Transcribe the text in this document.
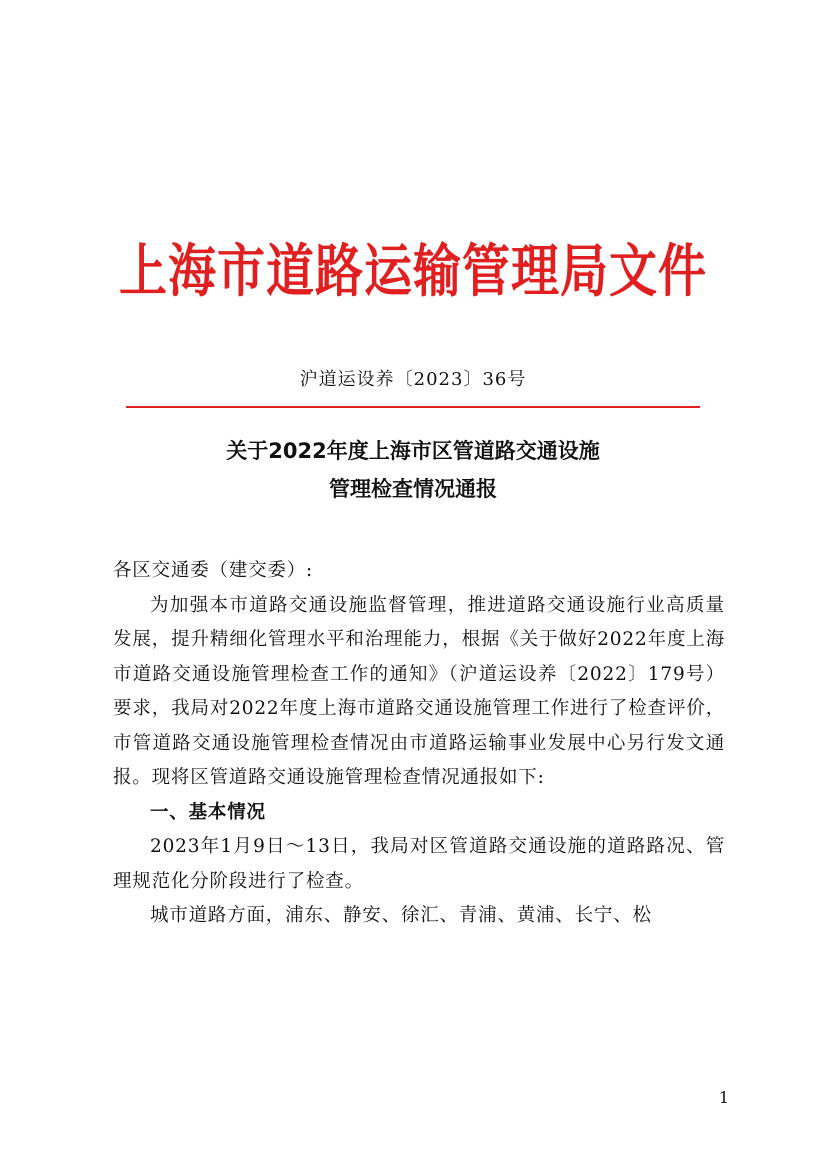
上海市道路运输管理局文件
沪道运设养〔2023〕36号
关于2022年度上海市区管道路交通设施
管理检查情况通报

各区交通委（建交委）:

为加强本市道路交通设施监督管理，推进道路交通设施行业高质量发展，提升精细化管理水平和治理能力，根据《关于做好2022年度上海市道路交通设施管理检查工作的通知》（沪道运设养〔2022〕179号）要求，我局对2022年度上海市道路交通设施管理工作进行了检查评价，市管道路交通设施管理检查情况由市道路运输事业发展中心另行发文通报。现将区管道路交通设施管理检查情况通报如下:

一、基本情况

2023年1月9日～13日，我局对区管道路交通设施的道路路况、管理规范化分阶段进行了检查。

城市道路方面，浦东、静安、徐汇、青浦、黄浦、长宁、松

1
